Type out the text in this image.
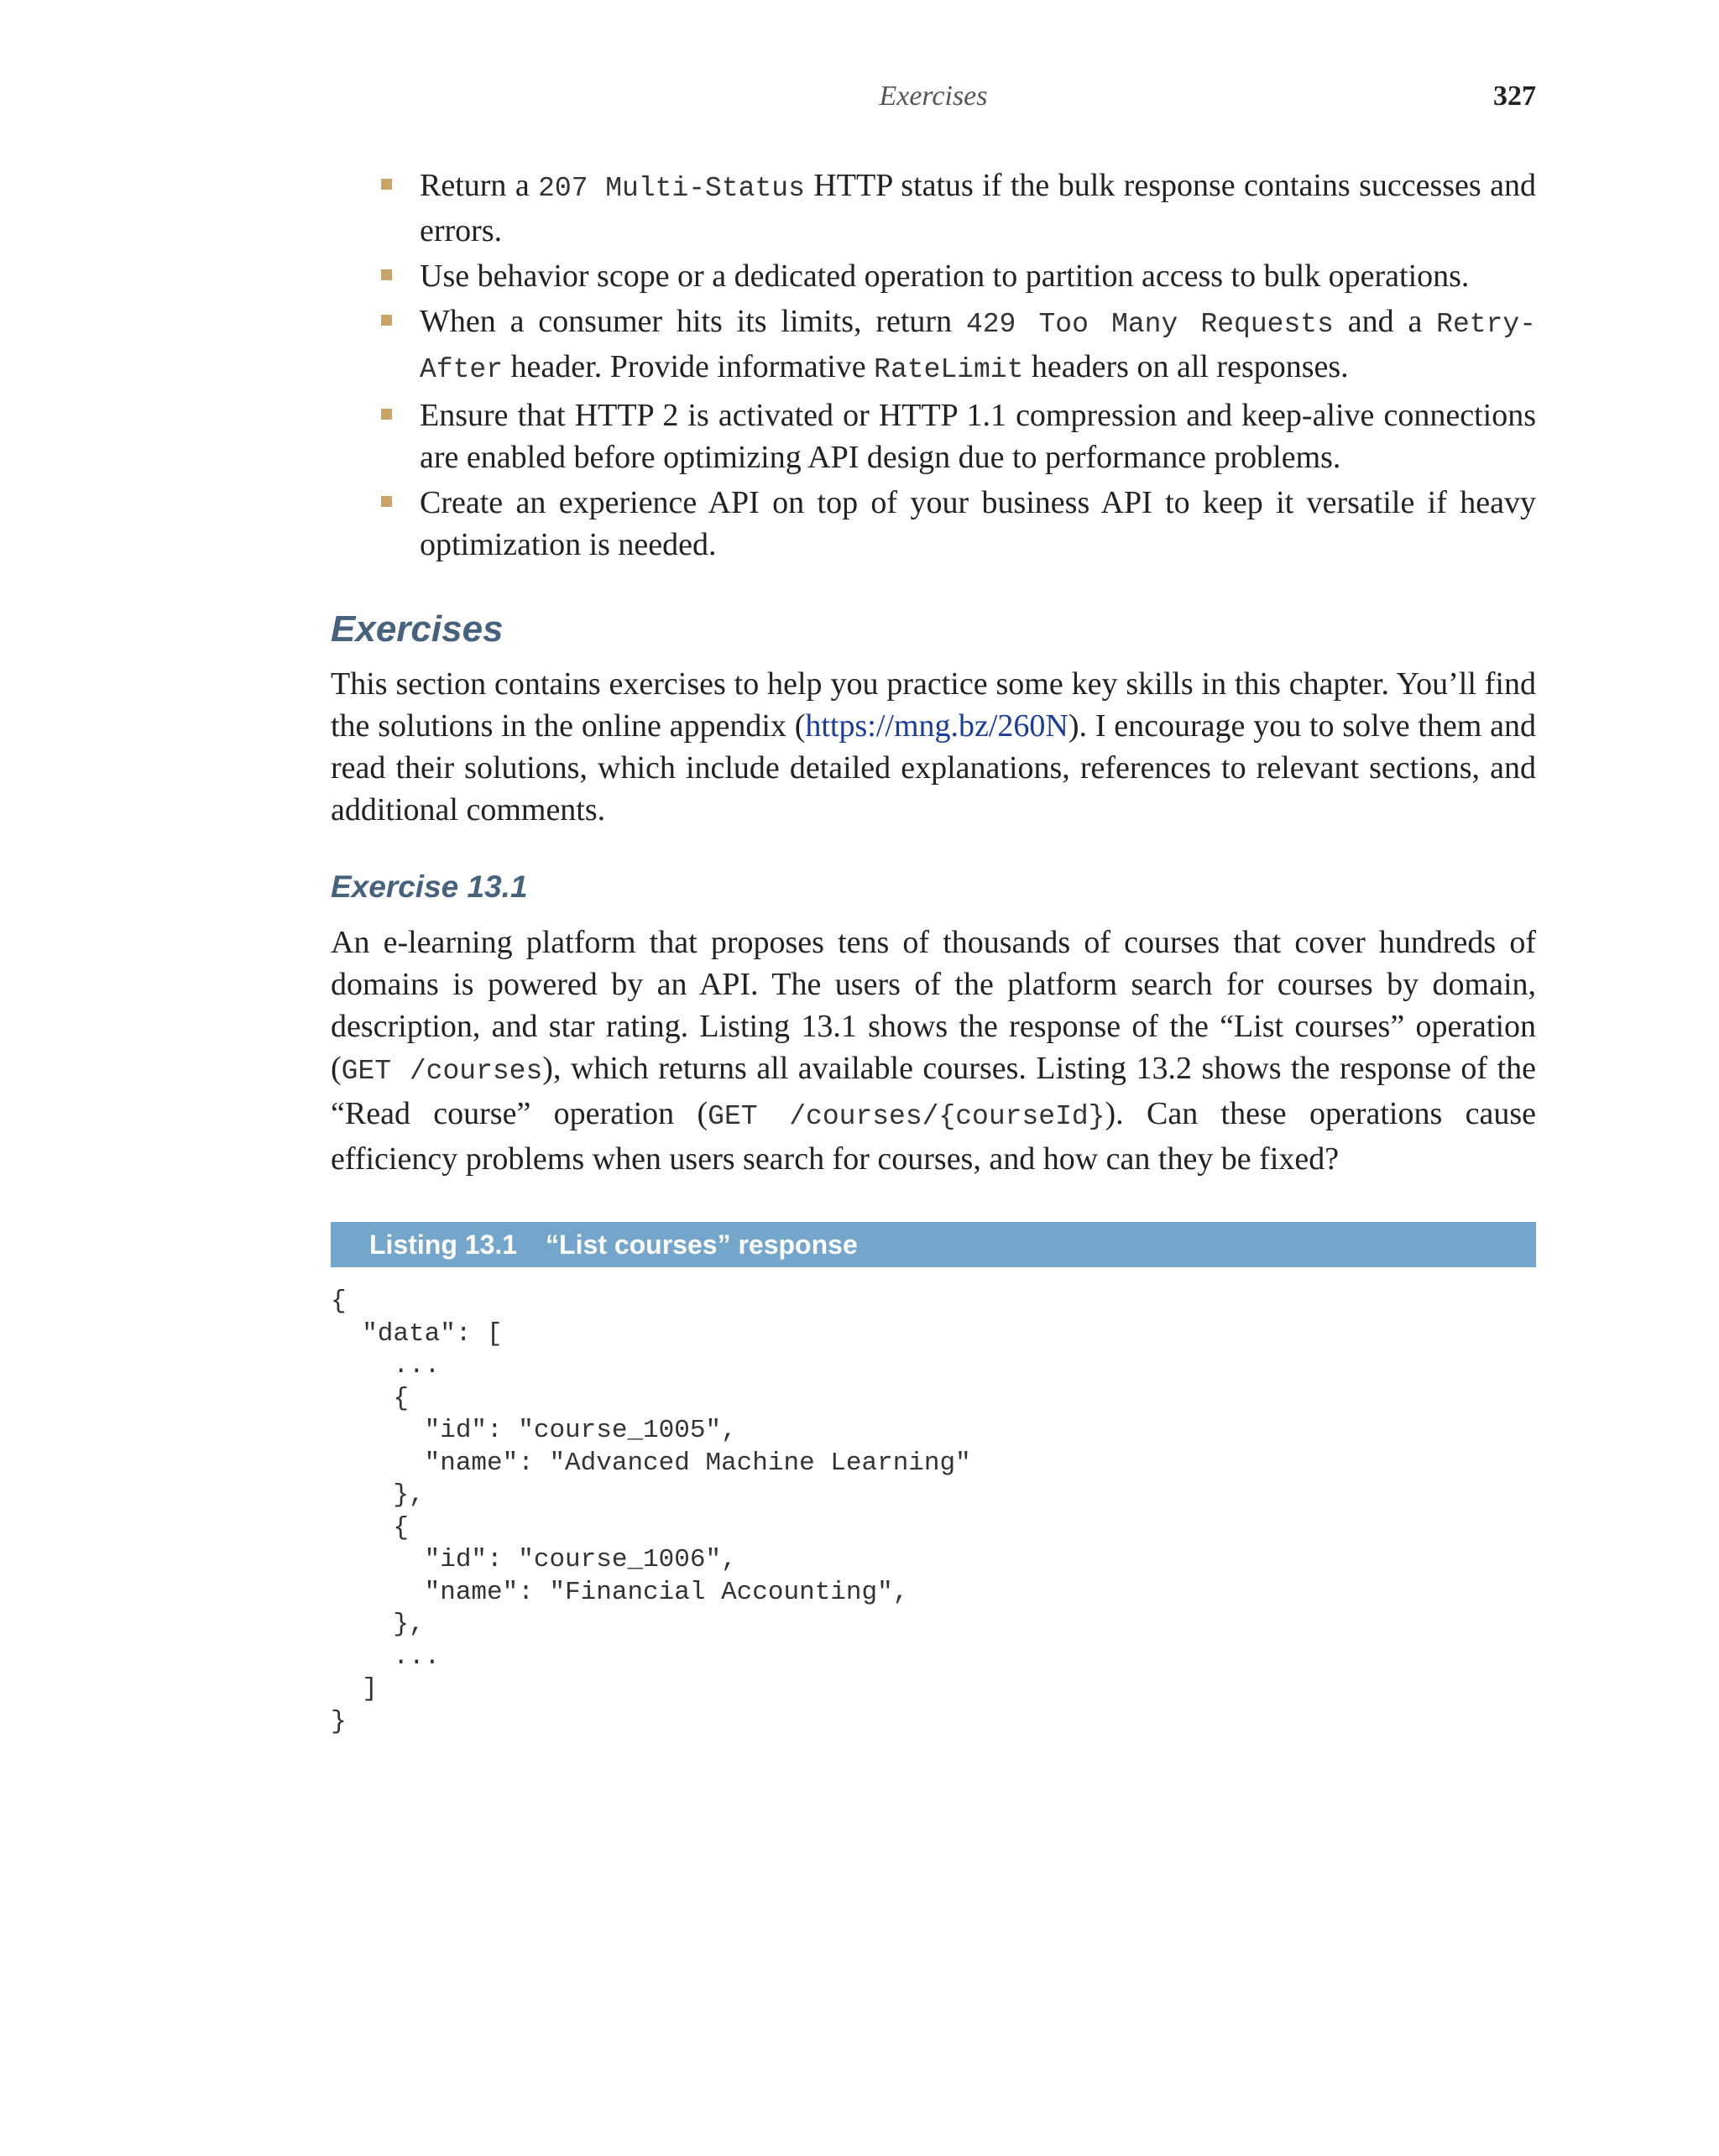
Exercises	327
Return a 207 Multi-Status HTTP status if the bulk response contains successes and errors.
Use behavior scope or a dedicated operation to partition access to bulk operations.
When a consumer hits its limits, return 429 Too Many Requests and a Retry-After header. Provide informative RateLimit headers on all responses.
Ensure that HTTP 2 is activated or HTTP 1.1 compression and keep-alive connections are enabled before optimizing API design due to performance problems.
Create an experience API on top of your business API to keep it versatile if heavy optimization is needed.
Exercises

This section contains exercises to help you practice some key skills in this chapter. You’ll find the solutions in the online appendix (https://mng.bz/260N). I encourage you to solve them and read their solutions, which include detailed explanations, references to relevant sections, and additional comments.

Exercise 13.1

An e-learning platform that proposes tens of thousands of courses that cover hundreds of domains is powered by an API. The users of the platform search for courses by domain, description, and star rating. Listing 13.1 shows the response of the “List courses” operation (GET /courses), which returns all available courses. Listing 13.2 shows the response of the “Read course” operation (GET /courses/{courseId}). Can these operations cause efficiency problems when users search for courses, and how can they be fixed?

Listing 13.1 “List courses” response
{
"data": [
...
{
"id": "course_1005",
"name": "Advanced Machine Learning"
},
{
"id": "course_1006",
"name": "Financial Accounting",
},
...
]
}
